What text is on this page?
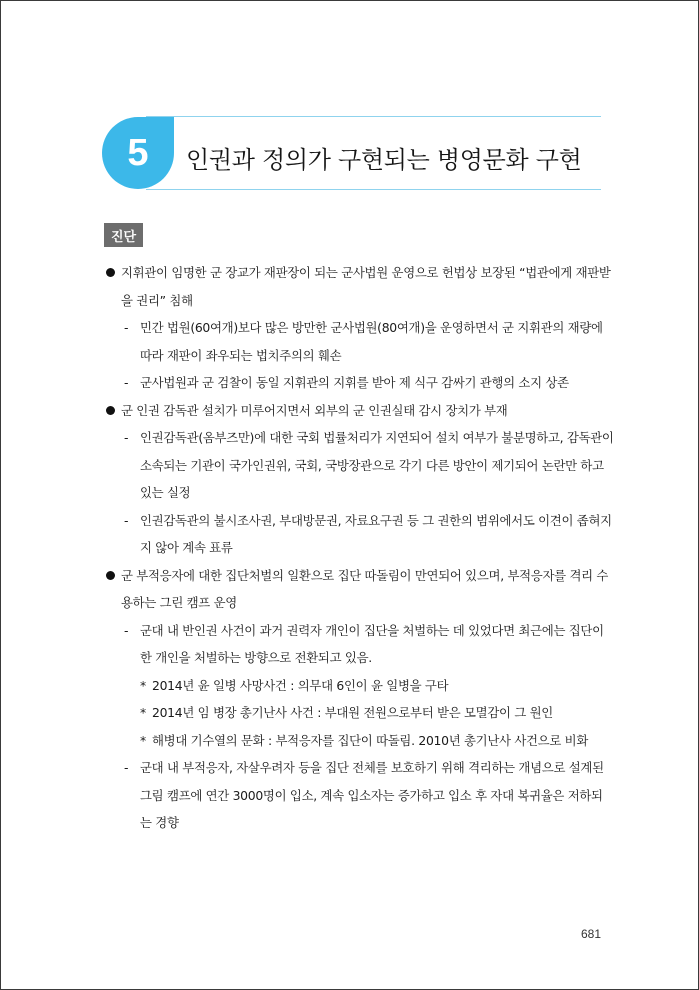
5	인권과 정의가 구현되는 병영문화 구현
진단
지휘관이 임명한 군 장교가 재판장이 되는 군사법원 운영으로 헌법상 보장된 “법관에게 재판받을 권리” 침해
- 민간 법원(60여개)보다 많은 방만한 군사법원(80여개)을 운영하면서 군 지휘관의 재량에 따라 재판이 좌우되는 법치주의의 훼손
- 군사법원과 군 검찰이 동일 지휘관의 지휘를 받아 제 식구 감싸기 관행의 소지 상존
군 인권 감독관 설치가 미루어지면서 외부의 군 인권실태 감시 장치가 부재
- 인권감독관(옴부즈만)에 대한 국회 법률처리가 지연되어 설치 여부가 불분명하고, 감독관이 소속되는 기관이 국가인권위, 국회, 국방장관으로 각기 다른 방안이 제기되어 논란만 하고 있는 실정
- 인권감독관의 불시조사권, 부대방문권, 자료요구권 등 그 권한의 범위에서도 이견이 좁혀지지 않아 계속 표류
군 부적응자에 대한 집단처벌의 일환으로 집단 따돌림이 만연되어 있으며, 부적응자를 격리 수용하는 그린 캠프 운영
- 군대 내 반인권 사건이 과거 권력자 개인이 집단을 처벌하는 데 있었다면 최근에는 집단이 한 개인을 처벌하는 방향으로 전환되고 있음.
* 2014년 윤 일병 사망사건 : 의무대 6인이 윤 일병을 구타
* 2014년 임 병장 총기난사 사건 : 부대원 전원으로부터 받은 모멸감이 그 원인
* 해병대 기수열의 문화 : 부적응자를 집단이 따돌림. 2010년 총기난사 사건으로 비화
- 군대 내 부적응자, 자살우려자 등을 집단 전체를 보호하기 위해 격리하는 개념으로 설계된 그림 캠프에 연간 3000명이 입소, 계속 입소자는 증가하고 입소 후 자대 복귀율은 저하되는 경향
681
